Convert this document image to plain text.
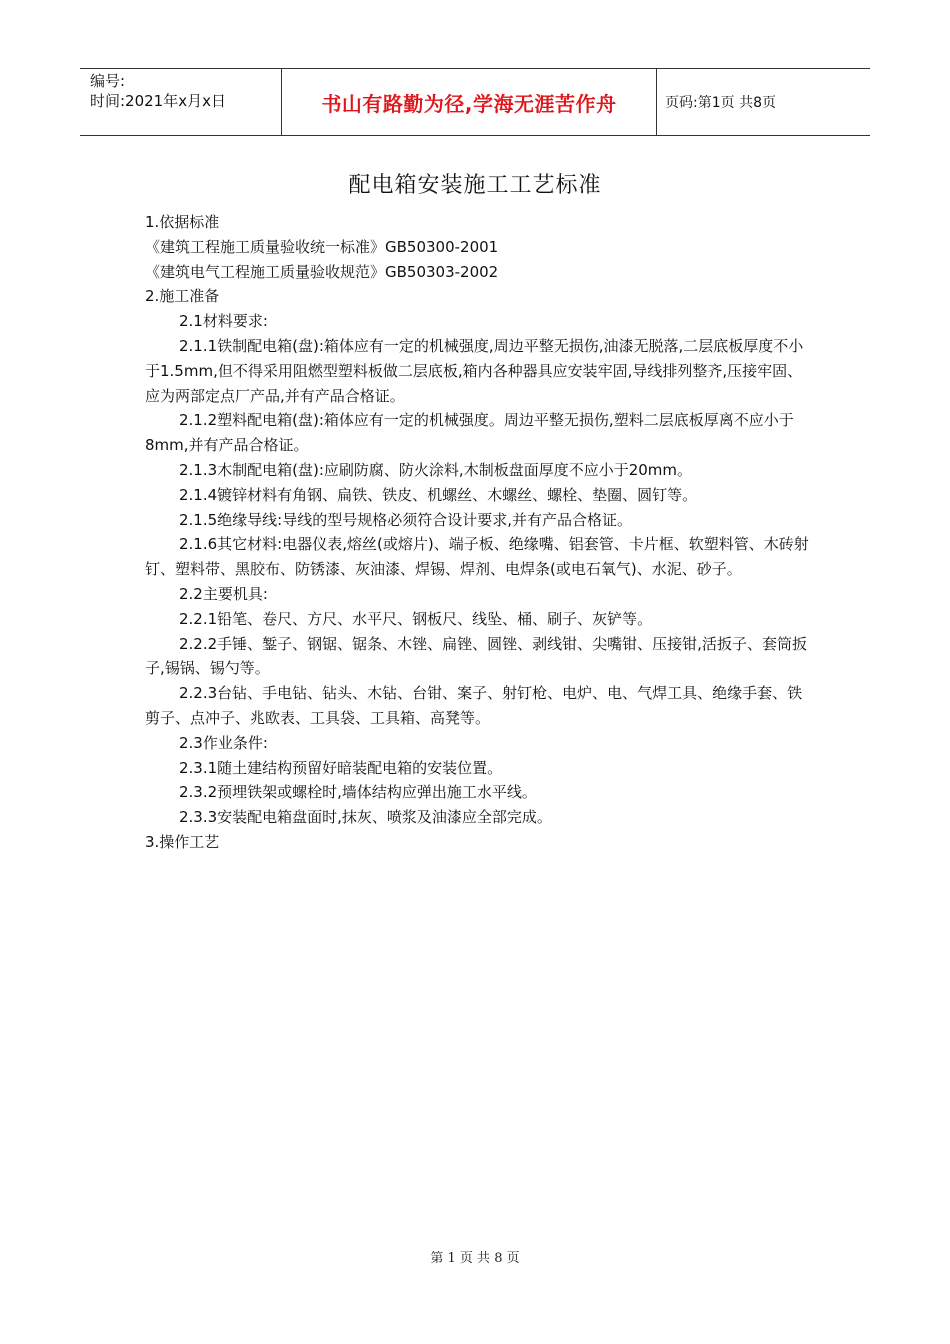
编号:
时间:2021年x月x日	书山有路勤为径,学海无涯苦作舟	页码:第1页 共8页
配电箱安装施工工艺标准

1.依据标准

《建筑工程施工质量验收统一标准》GB50300-2001

《建筑电气工程施工质量验收规范》GB50303-2002

2.施工准备

2.1材料要求:

2.1.1铁制配电箱(盘):箱体应有一定的机械强度,周边平整无损伤,油漆无脱落,二层底板厚度不小于1.5mm,但不得采用阻燃型塑料板做二层底板,箱内各种器具应安装牢固,导线排列整齐,压接牢固、应为两部定点厂产品,并有产品合格证。

2.1.2塑料配电箱(盘):箱体应有一定的机械强度。周边平整无损伤,塑料二层底板厚离不应小于8mm,并有产品合格证。

2.1.3木制配电箱(盘):应刷防腐、防火涂料,木制板盘面厚度不应小于20mm。

2.1.4镀锌材料有角钢、扁铁、铁皮、机螺丝、木螺丝、螺栓、垫圈、圆钉等。

2.1.5绝缘导线:导线的型号规格必须符合设计要求,并有产品合格证。

2.1.6其它材料:电器仪表,熔丝(或熔片)、端子板、绝缘嘴、铝套管、卡片框、软塑料管、木砖射钉、塑料带、黑胶布、防锈漆、灰油漆、焊锡、焊剂、电焊条(或电石氧气)、水泥、砂子。

2.2主要机具:

2.2.1铅笔、卷尺、方尺、水平尺、钢板尺、线坠、桶、刷子、灰铲等。

2.2.2手锤、錾子、钢锯、锯条、木锉、扁锉、圆锉、剥线钳、尖嘴钳、压接钳,活扳子、套筒扳子,锡锅、锡勺等。

2.2.3台钻、手电钻、钻头、木钻、台钳、案子、射钉枪、电炉、电、气焊工具、绝缘手套、铁剪子、点冲子、兆欧表、工具袋、工具箱、高凳等。

2.3作业条件:

2.3.1随土建结构预留好暗装配电箱的安装位置。

2.3.2预埋铁架或螺栓时,墙体结构应弹出施工水平线。

2.3.3安装配电箱盘面时,抹灰、喷浆及油漆应全部完成。

3.操作工艺

第 1 页 共 8 页
